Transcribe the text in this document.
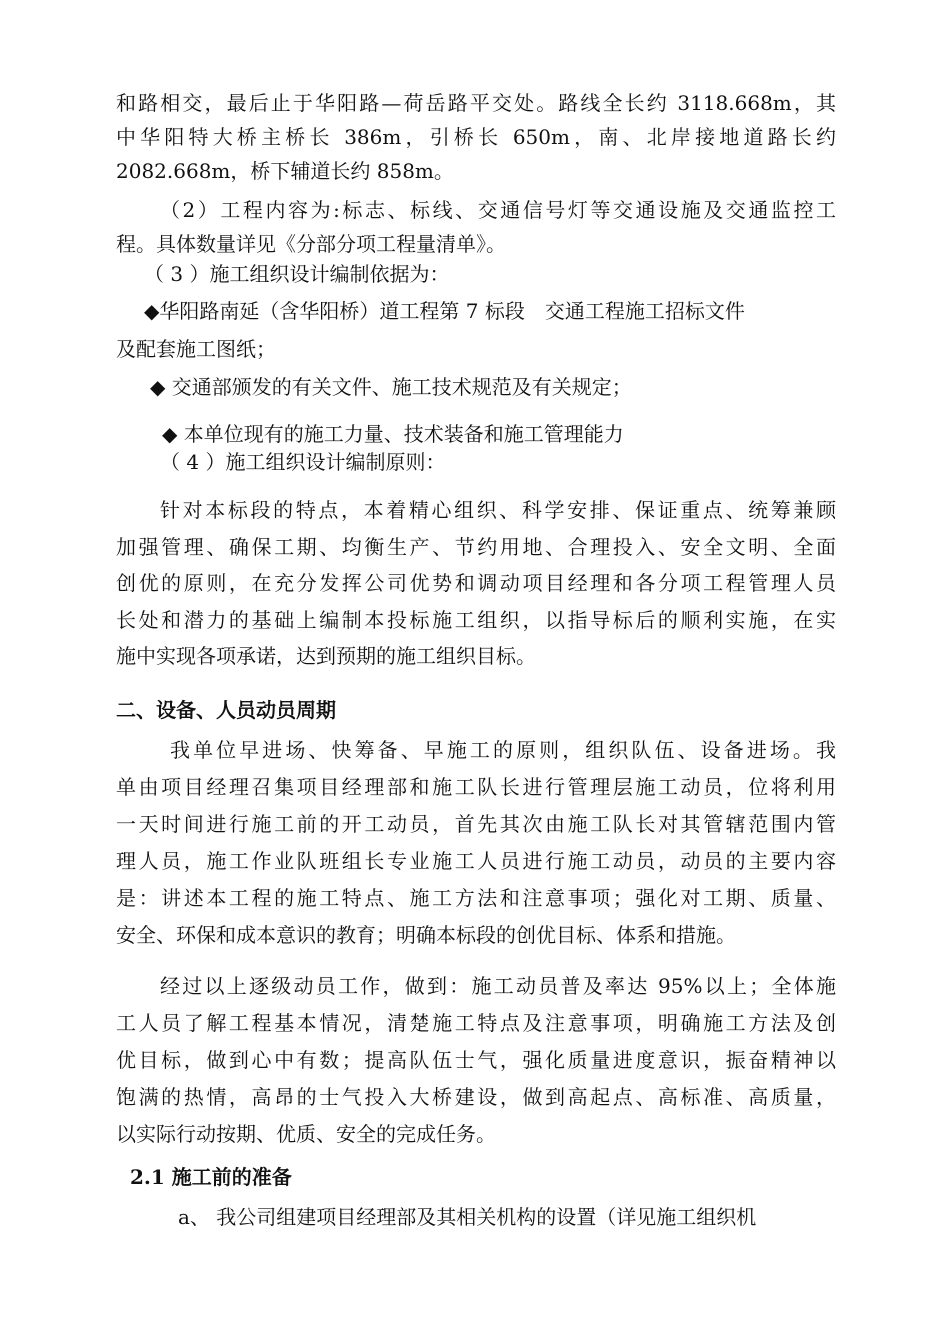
和路相交，最后止于华阳路—荷岳路平交处。路线全长约 3118.668m，其
中华阳特大桥主桥长 386m，引桥长 650m，南、北岸接地道路长约
2082.668m，桥下辅道长约 858m。
（2）工程内容为:标志、标线、交通信号灯等交通设施及交通监控工
程。具体数量详见《分部分项工程量清单》。
（ 3 ）施工组织设计编制依据为：
◆华阳路南延（含华阳桥）道工程第 7 标段　交通工程施工招标文件
及配套施工图纸；
◆ 交通部颁发的有关文件、施工技术规范及有关规定；
◆ 本单位现有的施工力量、技术装备和施工管理能力
（ 4 ）施工组织设计编制原则：
针对本标段的特点，本着精心组织、科学安排、保证重点、统筹兼顾
加强管理、确保工期、均衡生产、节约用地、合理投入、安全文明、全面
创优的原则，在充分发挥公司优势和调动项目经理和各分项工程管理人员
长处和潜力的基础上编制本投标施工组织，以指导标后的顺利实施，在实
施中实现各项承诺，达到预期的施工组织目标。
二、设备、人员动员周期
我单位早进场、快筹备、早施工的原则，组织队伍、设备进场。我
单由项目经理召集项目经理部和施工队长进行管理层施工动员，位将利用
一天时间进行施工前的开工动员，首先其次由施工队长对其管辖范围内管
理人员，施工作业队班组长专业施工人员进行施工动员，动员的主要内容
是：讲述本工程的施工特点、施工方法和注意事项；强化对工期、质量、
安全、环保和成本意识的教育；明确本标段的创优目标、体系和措施。
经过以上逐级动员工作，做到：施工动员普及率达 95%以上；全体施
工人员了解工程基本情况，清楚施工特点及注意事项，明确施工方法及创
优目标，做到心中有数；提高队伍士气，强化质量进度意识，振奋精神以
饱满的热情，高昂的士气投入大桥建设，做到高起点、高标准、高质量，
以实际行动按期、优质、安全的完成任务。
2.1 施工前的准备
a、 我公司组建项目经理部及其相关机构的设置（详见施工组织机
